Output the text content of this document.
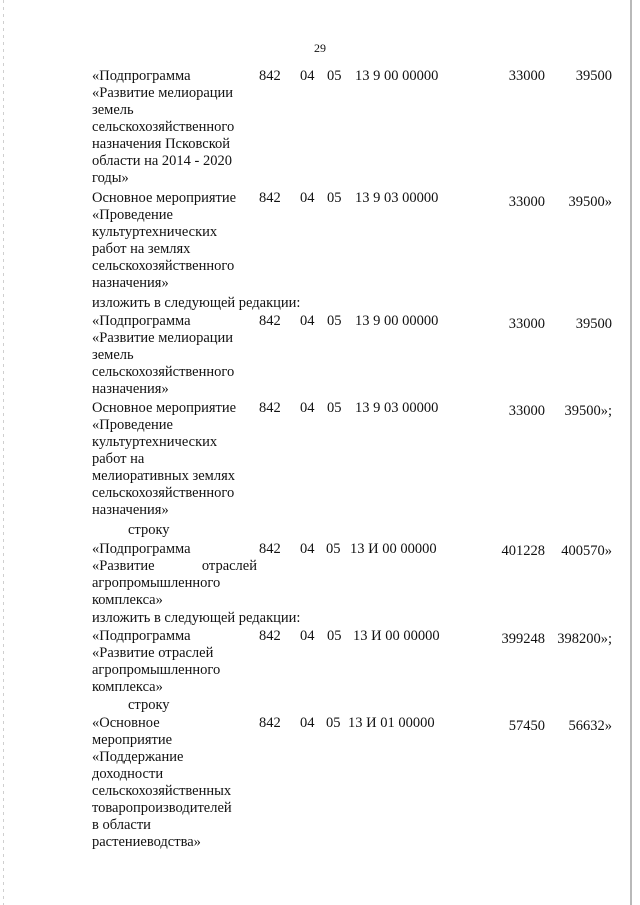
29
«Подпрограмма
«Развитие мелиорации
земель
сельскохозяйственного
назначения Псковской
области на 2014 - 2020
годы»
842 04 05 13 9 00 00000	33000 39500
Основное мероприятие
«Проведение
культуртехнических
работ на землях
сельскохозяйственного
назначения»
842 04 05 13 9 03 00000	33000 39500»
изложить в следующей редакции:
«Подпрограмма
«Развитие мелиорации
земель
сельскохозяйственного
назначения»
842 04 05 13 9 00 00000	33000 39500
Основное мероприятие
«Проведение
культуртехнических
работ на
мелиоративных землях
сельскохозяйственного
назначения»
842 04 05 13 9 03 00000	33000 39500»;
строку
«Подпрограмма
«Развитие отраслей
агропромышленного
комплекса»
842 04 05 13 И 00 00000	401228 400570»
изложить в следующей редакции:
«Подпрограмма
«Развитие отраслей
агропромышленного
комплекса»
842 04 05 13 И 00 00000	399248 398200»;
строку
«Основное
мероприятие
«Поддержание
доходности
сельскохозяйственных
товаропроизводителей
в области
растениеводства»
842 04 05 13 И 01 00000	57450 56632»
